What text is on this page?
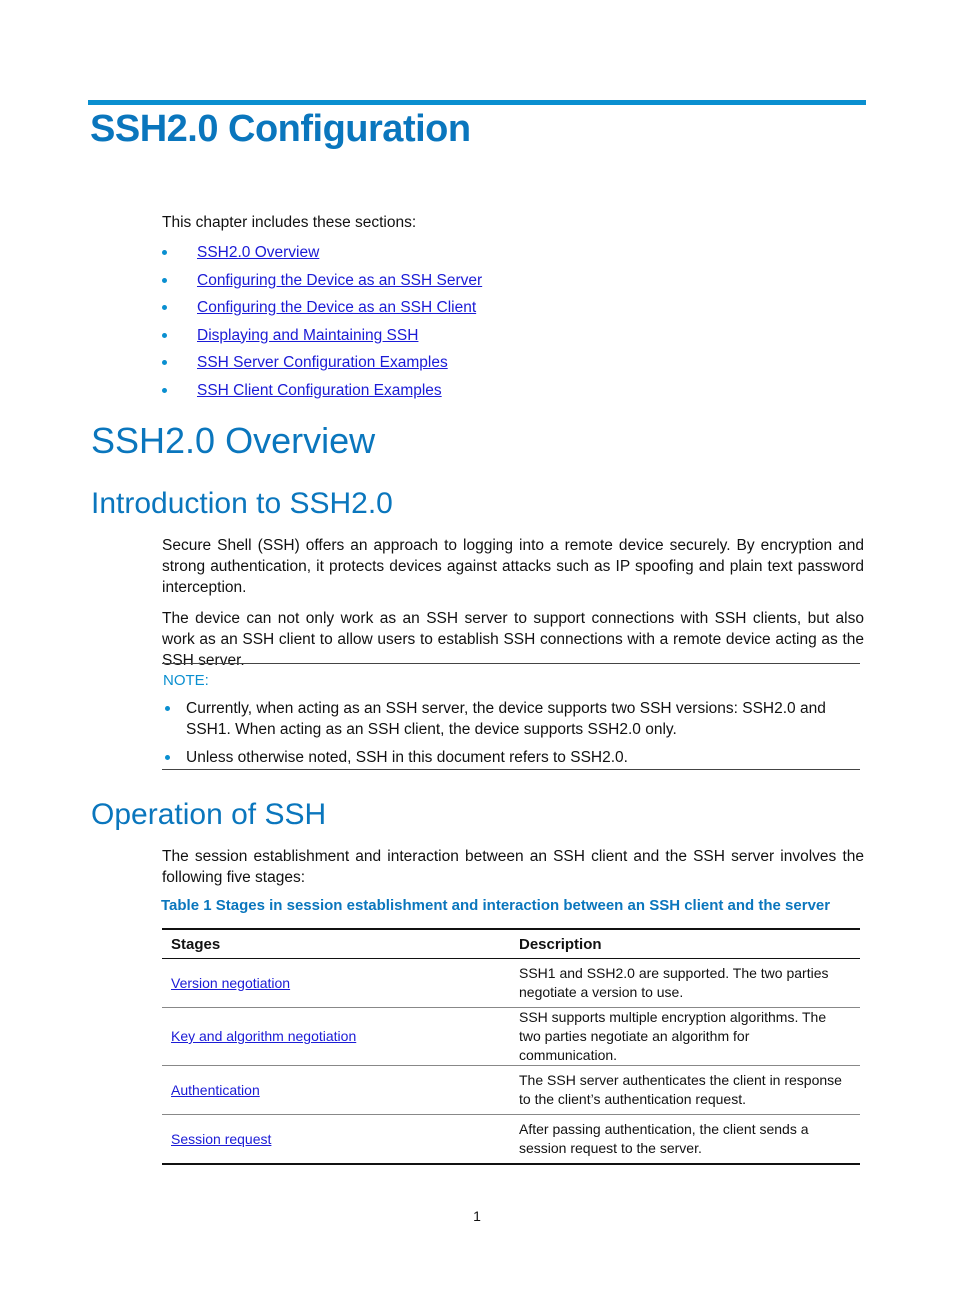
SSH2.0 Configuration

This chapter includes these sections:

SSH2.0 Overview
Configuring the Device as an SSH Server
Configuring the Device as an SSH Client
Displaying and Maintaining SSH
SSH Server Configuration Examples
SSH Client Configuration Examples
SSH2.0 Overview
Introduction to SSH2.0

Secure Shell (SSH) offers an approach to logging into a remote device securely. By encryption and strong authentication, it protects devices against attacks such as IP spoofing and plain text password interception.

The device can not only work as an SSH server to support connections with SSH clients, but also work as an SSH client to allow users to establish SSH connections with a remote device acting as the SSH server.

NOTE:
Currently, when acting as an SSH server, the device supports two SSH versions: SSH2.0 and SSH1. When acting as an SSH client, the device supports SSH2.0 only.
Unless otherwise noted, SSH in this document refers to SSH2.0.
Operation of SSH

The session establishment and interaction between an SSH client and the SSH server involves the following five stages:

Table 1 Stages in session establishment and interaction between an SSH client and the server

Stages	Description
Version negotiation	SSH1 and SSH2.0 are supported. The two parties negotiate a version to use.
Key and algorithm negotiation	SSH supports multiple encryption algorithms. The two parties negotiate an algorithm for communication.
Authentication	The SSH server authenticates the client in response to the client’s authentication request.
Session request	After passing authentication, the client sends a session request to the server.
1
